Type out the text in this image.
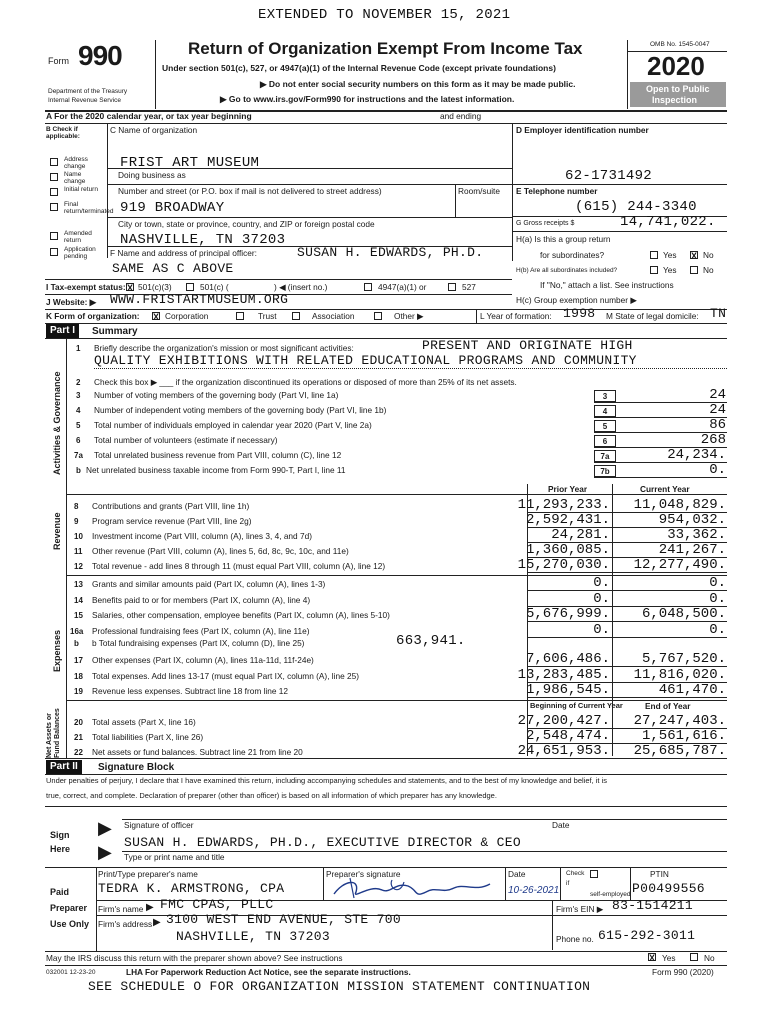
EXTENDED TO NOVEMBER 15, 2021
Form 990
Department of the Treasury
Internal Revenue Service
Return of Organization Exempt From Income Tax
Under section 501(c), 527, or 4947(a)(1) of the Internal Revenue Code (except private foundations)
▶ Do not enter social security numbers on this form as it may be made public.
▶ Go to www.irs.gov/Form990 for instructions and the latest information.
OMB No. 1545-0047
2020
Open to Public
Inspection
A For the 2020 calendar year, or tax year beginning	and ending
B Check if applicable:
Address change
Name change
Initial return
Final return/terminated
Amended return
Application pending
C Name of organization
FRIST ART MUSEUM
Doing business as
Number and street (or P.O. box if mail is not delivered to street address)	Room/suite
919 BROADWAY
City or town, state or province, country, and ZIP or foreign postal code
NASHVILLE, TN 37203
F Name and address of principal officer:	SUSAN H. EDWARDS, PH.D.
SAME AS C ABOVE
D Employer identification number
62-1731492
E Telephone number
(615) 244-3340
G Gross receipts $	14,741,022.
H(a) Is this a group return
for subordinates?	Yes X No
H(b) Are all subordinates included?	Yes	No
If "No," attach a list. See instructions
I Tax-exempt status: X 501(c)(3)	501(c) (	) ◀ (insert no.)	4947(a)(1) or	527
J Website: ▶ WWW.FRISTARTMUSEUM.ORG	H(c) Group exemption number ▶
K Form of organization: X Corporation	Trust	Association	Other ▶	L Year of formation: 1998 M State of legal domicile: TN
Part I	Summary
Activities & Governance
Revenue
Expenses
Net Assets or Fund Balances
1 Briefly describe the organization's mission or most significant activities:	PRESENT AND ORIGINATE HIGH
QUALITY EXHIBITIONS WITH RELATED EDUCATIONAL PROGRAMS AND COMMUNITY
2 Check this box ▶ ___ if the organization discontinued its operations or disposed of more than 25% of its net assets.
3 Number of voting members of the governing body (Part VI, line 1a)	3	24
4 Number of independent voting members of the governing body (Part VI, line 1b)	4	24
5 Total number of individuals employed in calendar year 2020 (Part V, line 2a)	5	86
6 Total number of volunteers (estimate if necessary)	6	268
7a Total unrelated business revenue from Part VIII, column (C), line 12	7a	24,234.
b Net unrelated business taxable income from Form 990-T, Part I, line 11	7b	0.
8 Contributions and grants (Part VIII, line 1h)	11,293,233. 11,048,829.
9 Program service revenue (Part VIII, line 2g)	2,592,431.	954,032.
10 Investment income (Part VIII, column (A), lines 3, 4, and 7d)	24,281.	33,362.
11 Other revenue (Part VIII, column (A), lines 5, 6d, 8c, 9c, 10c, and 11e)	1,360,085.	241,267.
12 Total revenue - add lines 8 through 11 (must equal Part VIII, column (A), line 12)	15,270,030. 12,277,490.
13 Grants and similar amounts paid (Part IX, column (A), lines 1-3)	0.	0.
14 Benefits paid to or for members (Part IX, column (A), line 4)	0.	0.
15 Salaries, other compensation, employee benefits (Part IX, column (A), lines 5-10)	5,676,999. 6,048,500.
16a Professional fundraising fees (Part IX, column (A), line 11e)	0.	0.
17 Other expenses (Part IX, column (A), lines 11a-11d, 11f-24e)	7,606,486. 5,767,520.
18 Total expenses. Add lines 13-17 (must equal Part IX, column (A), line 25)	13,283,485. 11,816,020.
19 Revenue less expenses. Subtract line 18 from line 12	1,986,545.	461,470.
20 Total assets (Part X, line 16)	27,200,427. 27,247,403.
21 Total liabilities (Part X, line 26)	2,548,474. 1,561,616.
22 Net assets or fund balances. Subtract line 21 from line 20	24,651,953. 25,685,787.
Prior Year	Current Year
b b Total fundraising expenses (Part IX, column (D), line 25)	663,941.
Beginning of Current Year	End of Year
Part II	Signature Block
Under penalties of perjury, I declare that I have examined this return, including accompanying schedules and statements, and to the best of my knowledge and belief, it is
true, correct, and complete. Declaration of preparer (other than officer) is based on all information of which preparer has any knowledge.
Sign
Here
▶
▶
Signature of officer	Date
SUSAN H. EDWARDS, PH.D., EXECUTIVE DIRECTOR & CEO
Type or print name and title
Paid
Preparer
Use Only
Print/Type preparer's name	Preparer's signature	Date	Check
if
self-employed
PTIN
TEDRA K. ARMSTRONG, CPA	10-26-2021	P00499556
Firm's name ▶ FMC CPAS, PLLC	Firm's EIN ▶ 83-1514211
Firm's address ▶ 3100 WEST END AVENUE, STE 700
NASHVILLE, TN 37203	Phone no. 615-292-3011
May the IRS discuss this return with the preparer shown above? See instructions	X Yes	No
032001 12-23-20	LHA For Paperwork Reduction Act Notice, see the separate instructions.	Form 990 (2020)
SEE SCHEDULE O FOR ORGANIZATION MISSION STATEMENT CONTINUATION
